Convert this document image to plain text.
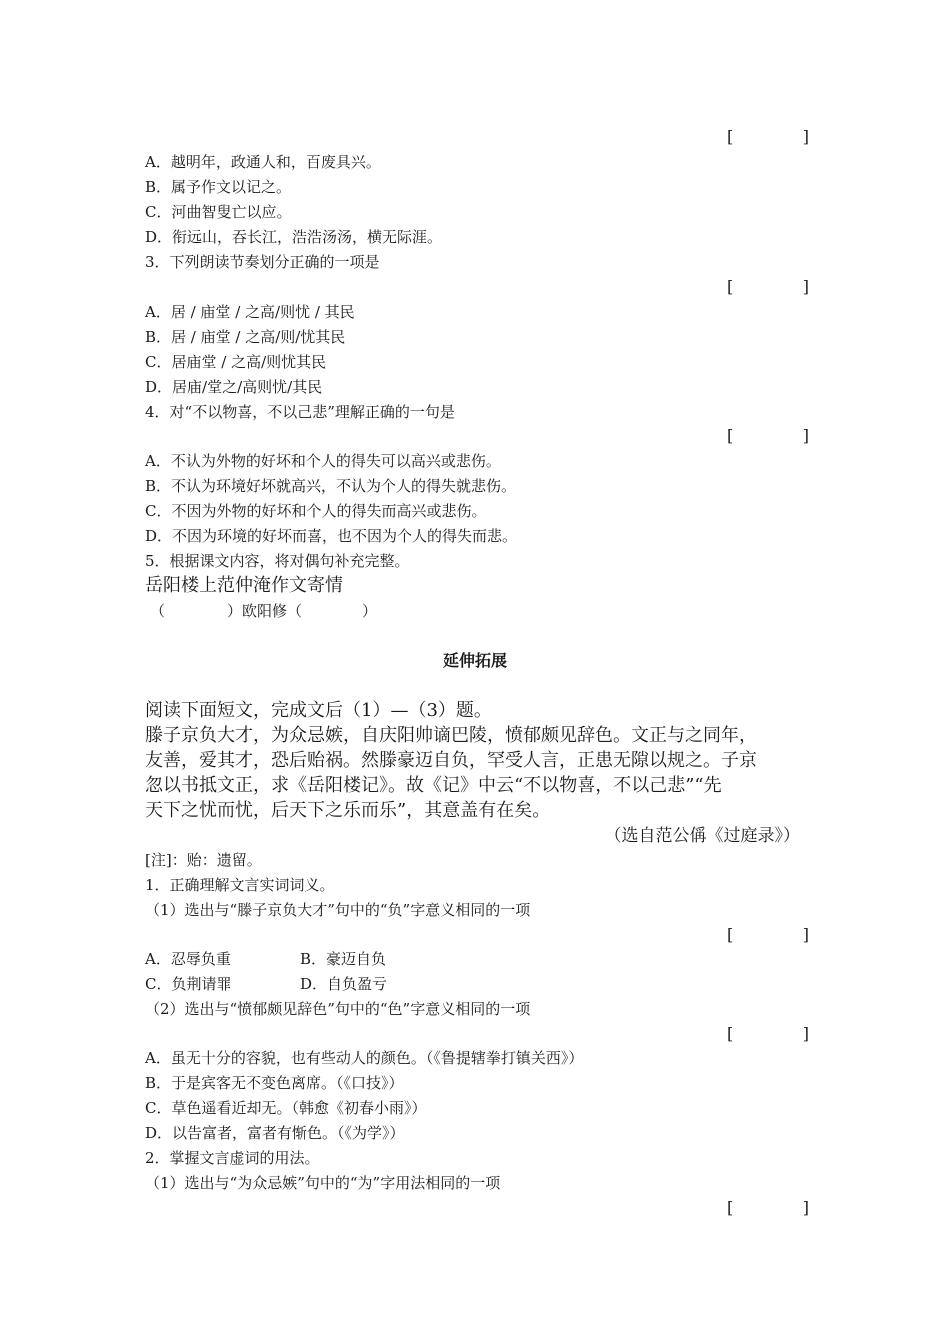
[	]
A．越明年，政通人和，百废具兴。
B．属予作文以记之。
C．河曲智叟亡以应。
D．衔远山，吞长江，浩浩汤汤，横无际涯。
3．下列朗读节奏划分正确的一项是
[	]
A．居 / 庙堂 / 之高/则忧 / 其民
B．居 / 庙堂 / 之高/则/忧其民
C．居庙堂 / 之高/则忧其民
D．居庙/堂之/高则忧/其民
4．对“不以物喜，不以己悲”理解正确的一句是
[	]
A．不认为外物的好坏和个人的得失可以高兴或悲伤。
B．不认为环境好坏就高兴，不认为个人的得失就悲伤。
C．不因为外物的好坏和个人的得失而高兴或悲伤。
D．不因为环境的好坏而喜，也不因为个人的得失而悲。
5．根据课文内容，将对偶句补充完整。
岳阳楼上范仲淹作文寄情
（	）欧阳修（	）
延伸拓展
阅读下面短文，完成文后（1）—（3）题。
滕子京负大才，为众忌嫉，自庆阳帅谪巴陵，愤郁颇见辞色。文正与之同年，
友善，爱其才，恐后贻祸。然滕豪迈自负，罕受人言，正患无隙以规之。子京
忽以书抵文正，求《岳阳楼记》。故《记》中云“不以物喜，不以己悲”“先
天下之忧而忧，后天下之乐而乐”，其意盖有在矣。
（选自范公偁《过庭录》）
[注]：贻：遗留。
1．正确理解文言实词词义。
（1）选出与“滕子京负大才”句中的“负”字意义相同的一项
[	]
A．忍辱负重	B．豪迈自负
C．负荆请罪	D．自负盈亏
（2）选出与“愤郁颇见辞色”句中的“色”字意义相同的一项
[	]
A．虽无十分的容貌，也有些动人的颜色。（《鲁提辖拳打镇关西》）
B．于是宾客无不变色离席。（《口技》）
C．草色遥看近却无。（韩愈《初春小雨》）
D．以告富者，富者有惭色。（《为学》）
2．掌握文言虚词的用法。
（1）选出与“为众忌嫉”句中的“为”字用法相同的一项
[	]
